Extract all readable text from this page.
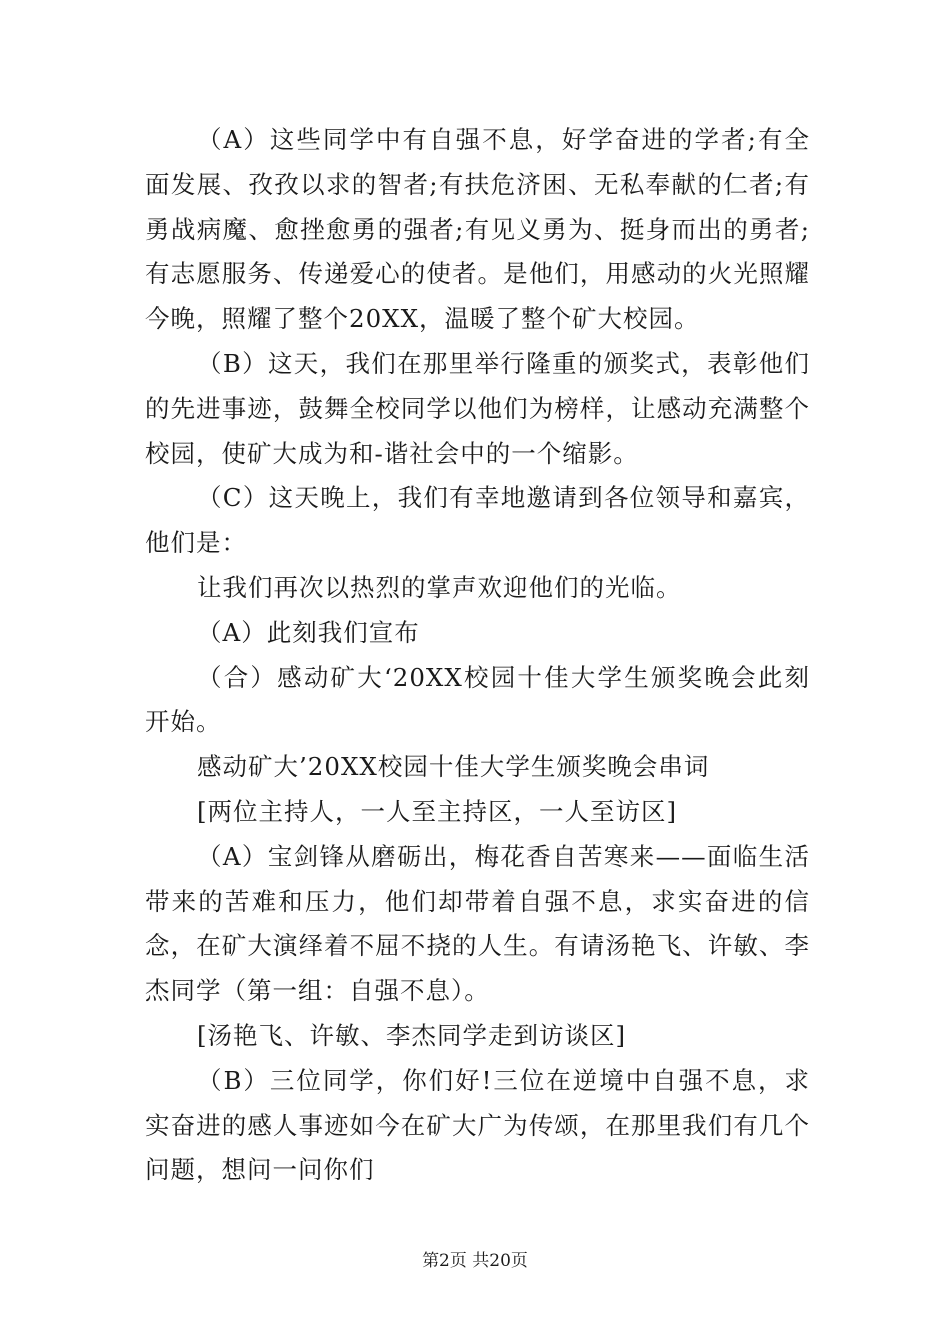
（A）这些同学中有自强不息，好学奋进的学者;有全面发展、孜孜以求的智者;有扶危济困、无私奉献的仁者;有勇战病魔、愈挫愈勇的强者;有见义勇为、挺身而出的勇者;有志愿服务、传递爱心的使者。是他们，用感动的火光照耀今晚，照耀了整个20XX，温暖了整个矿大校园。

（B）这天，我们在那里举行隆重的颁奖式，表彰他们的先进事迹，鼓舞全校同学以他们为榜样，让感动充满整个校园，使矿大成为和-谐社会中的一个缩影。

（C）这天晚上，我们有幸地邀请到各位领导和嘉宾，他们是：

让我们再次以热烈的掌声欢迎他们的光临。

（A）此刻我们宣布

（合）感动矿大‘20XX校园十佳大学生颁奖晚会此刻开始。

感动矿大’20XX校园十佳大学生颁奖晚会串词

[两位主持人，一人至主持区，一人至访区]

（A）宝剑锋从磨砺出，梅花香自苦寒来——面临生活带来的苦难和压力，他们却带着自强不息，求实奋进的信念，在矿大演绎着不屈不挠的人生。有请汤艳飞、许敏、李杰同学（第一组：自强不息）。

[汤艳飞、许敏、李杰同学走到访谈区]

（B）三位同学，你们好!三位在逆境中自强不息，求实奋进的感人事迹如今在矿大广为传颂，在那里我们有几个问题，想问一问你们

第2页 共20页
